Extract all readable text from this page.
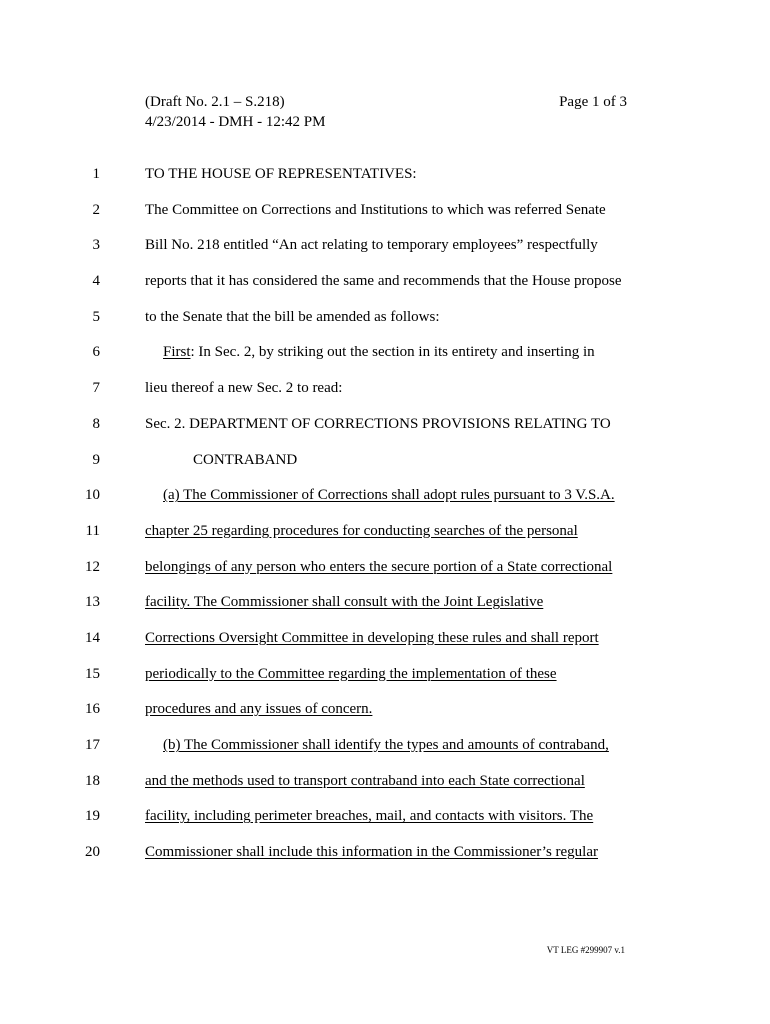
(Draft No. 2.1 – S.218)
4/23/2014 - DMH - 12:42 PM
Page 1 of 3
1	TO THE HOUSE OF REPRESENTATIVES:
2	The Committee on Corrections and Institutions to which was referred Senate
3	Bill No. 218 entitled “An act relating to temporary employees” respectfully
4	reports that it has considered the same and recommends that the House propose
5	to the Senate that the bill be amended as follows:
6	First: In Sec. 2, by striking out the section in its entirety and inserting in
7	lieu thereof a new Sec. 2 to read:
8	Sec. 2. DEPARTMENT OF CORRECTIONS PROVISIONS RELATING TO
9	CONTRABAND
10	(a) The Commissioner of Corrections shall adopt rules pursuant to 3 V.S.A.
11	chapter 25 regarding procedures for conducting searches of the personal
12	belongings of any person who enters the secure portion of a State correctional
13	facility. The Commissioner shall consult with the Joint Legislative
14	Corrections Oversight Committee in developing these rules and shall report
15	periodically to the Committee regarding the implementation of these
16	procedures and any issues of concern.
17	(b) The Commissioner shall identify the types and amounts of contraband,
18	and the methods used to transport contraband into each State correctional
19	facility, including perimeter breaches, mail, and contacts with visitors. The
20	Commissioner shall include this information in the Commissioner’s regular
VT LEG #299907 v.1
